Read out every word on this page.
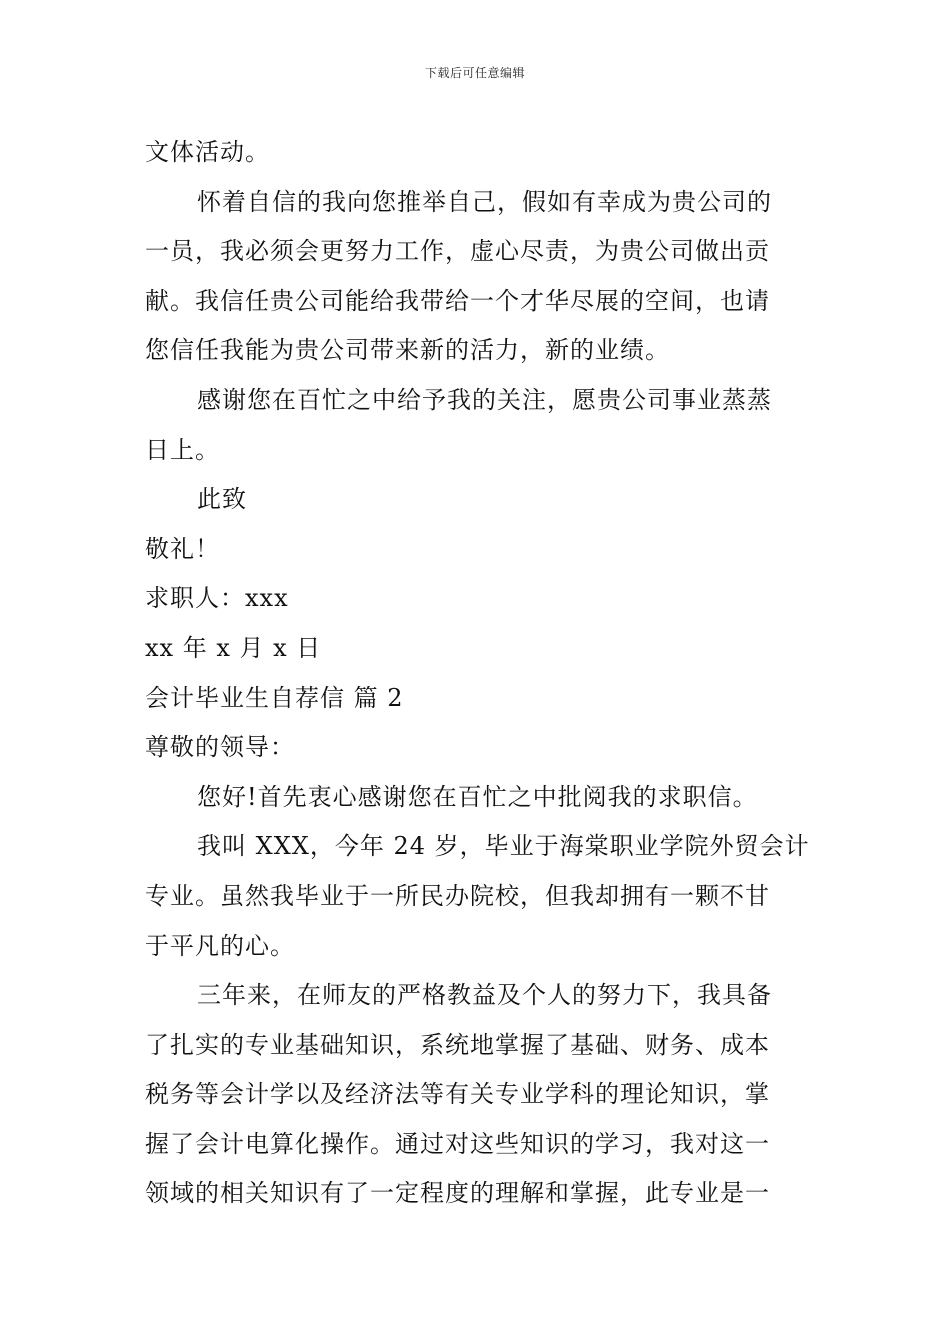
下载后可任意编辑
文体活动。
怀着自信的我向您推举自己，假如有幸成为贵公司的
一员，我必须会更努力工作，虚心尽责，为贵公司做出贡
献。我信任贵公司能给我带给一个才华尽展的空间，也请
您信任我能为贵公司带来新的活力，新的业绩。
感谢您在百忙之中给予我的关注，愿贵公司事业蒸蒸
日上。
此致
敬礼！
求职人：xxx
xx 年 x 月 x 日
会计毕业生自荐信 篇 2
尊敬的领导：
您好!首先衷心感谢您在百忙之中批阅我的求职信。
我叫 XXX，今年 24 岁，毕业于海棠职业学院外贸会计
专业。虽然我毕业于一所民办院校，但我却拥有一颗不甘
于平凡的心。
三年来，在师友的严格教益及个人的努力下，我具备
了扎实的专业基础知识，系统地掌握了基础、财务、成本
税务等会计学以及经济法等有关专业学科的理论知识，掌
握了会计电算化操作。通过对这些知识的学习，我对这一
领域的相关知识有了一定程度的理解和掌握，此专业是一
